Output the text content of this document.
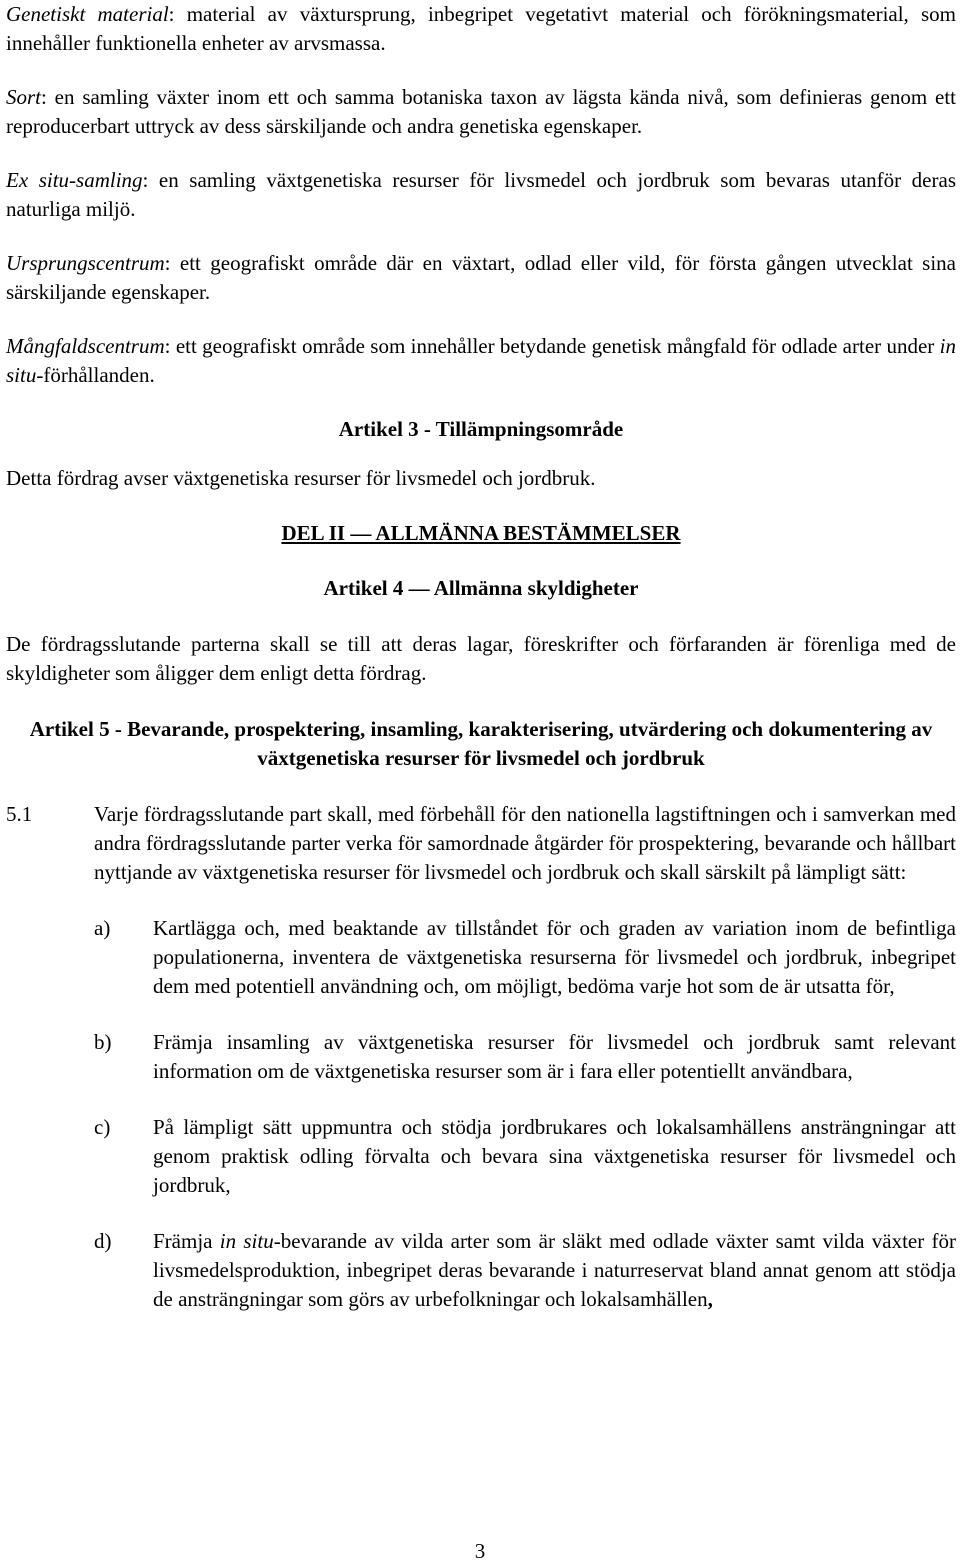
Genetiskt material: material av växtursprung, inbegripet vegetativt material och förökningsmaterial, som innehåller funktionella enheter av arvsmassa.

Sort: en samling växter inom ett och samma botaniska taxon av lägsta kända nivå, som definieras genom ett reproducerbart uttryck av dess särskiljande och andra genetiska egenskaper.

Ex situ-samling: en samling växtgenetiska resurser för livsmedel och jordbruk som bevaras utanför deras naturliga miljö.

Ursprungscentrum: ett geografiskt område där en växtart, odlad eller vild, för första gången utvecklat sina särskiljande egenskaper.

Mångfaldscentrum: ett geografiskt område som innehåller betydande genetisk mångfald för odlade arter under in situ-förhållanden.

Artikel 3 - Tillämpningsområde

Detta fördrag avser växtgenetiska resurser för livsmedel och jordbruk.

DEL II — ALLMÄNNA BESTÄMMELSER

Artikel 4 — Allmänna skyldigheter

De fördragsslutande parterna skall se till att deras lagar, föreskrifter och förfaranden är förenliga med de skyldigheter som åligger dem enligt detta fördrag.

Artikel 5 - Bevarande, prospektering, insamling, karakterisering, utvärdering och dokumentering av växtgenetiska resurser för livsmedel och jordbruk

5.1	Varje fördragsslutande part skall, med förbehåll för den nationella lagstiftningen och i samverkan med andra fördragsslutande parter verka för samordnade åtgärder för prospektering, bevarande och hållbart nyttjande av växtgenetiska resurser för livsmedel och jordbruk och skall särskilt på lämpligt sätt:
a)	Kartlägga och, med beaktande av tillståndet för och graden av variation inom de befintliga populationerna, inventera de växtgenetiska resurserna för livsmedel och jordbruk, inbegripet dem med potentiell användning och, om möjligt, bedöma varje hot som de är utsatta för,
b)	Främja insamling av växtgenetiska resurser för livsmedel och jordbruk samt relevant information om de växtgenetiska resurser som är i fara eller potentiellt användbara,
c)	På lämpligt sätt uppmuntra och stödja jordbrukares och lokalsamhällens ansträngningar att genom praktisk odling förvalta och bevara sina växtgenetiska resurser för livsmedel och jordbruk,
d)	Främja in situ-bevarande av vilda arter som är släkt med odlade växter samt vilda växter för livsmedelsproduktion, inbegripet deras bevarande i naturreservat bland annat genom att stödja de ansträngningar som görs av urbefolkningar och lokalsamhällen,
3
